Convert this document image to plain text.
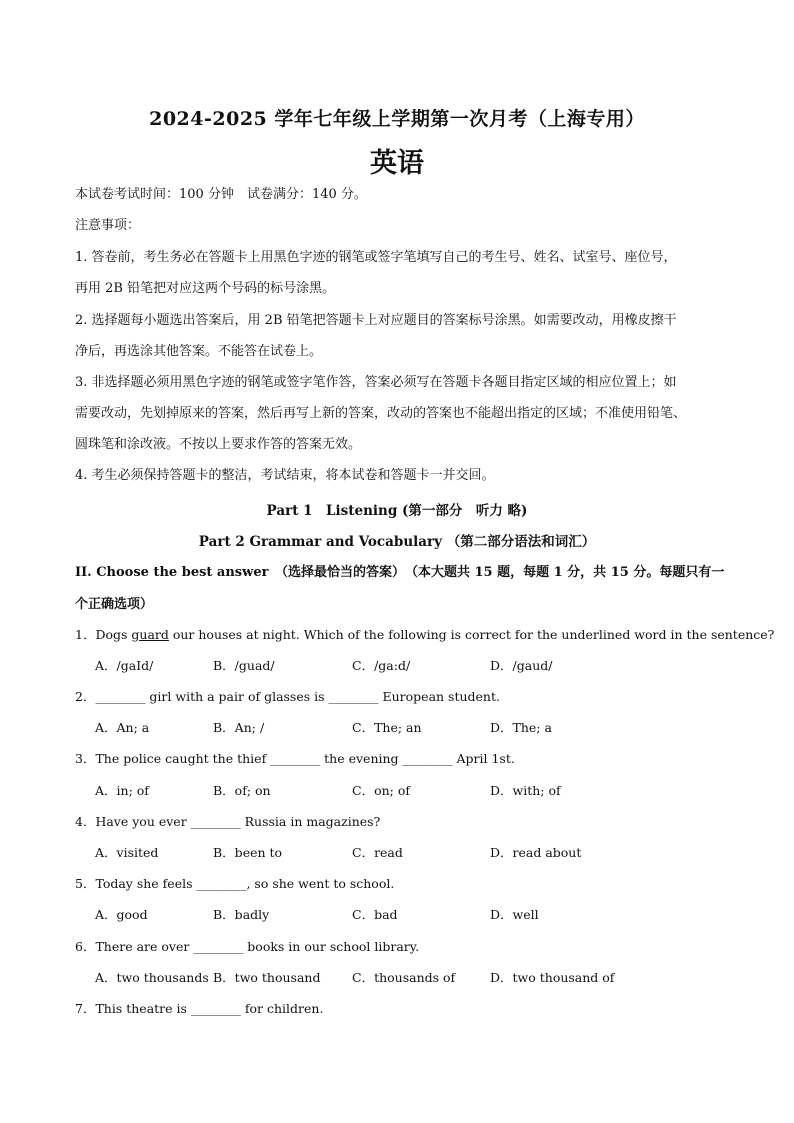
2024-2025 学年七年级上学期第一次月考（上海专用）
英语
本试卷考试时间：100 分钟　试卷满分：140 分。
注意事项：
1. 答卷前，考生务必在答题卡上用黑色字迹的钢笔或签字笔填写自己的考生号、姓名、试室号、座位号，
再用 2B 铅笔把对应这两个号码的标号涂黑。
2. 选择题每小题选出答案后，用 2B 铅笔把答题卡上对应题目的答案标号涂黑。如需要改动，用橡皮擦干
净后，再选涂其他答案。不能答在试卷上。
3. 非选择题必须用黑色字迹的钢笔或签字笔作答，答案必须写在答题卡各题目指定区域的相应位置上；如
需要改动，先划掉原来的答案，然后再写上新的答案，改动的答案也不能超出指定的区域；不准使用铅笔、
圆珠笔和涂改液。不按以上要求作答的答案无效。
4. 考生必须保持答题卡的整洁，考试结束，将本试卷和答题卡一并交回。
Part 1　Listening (第一部分　听力 略)
Part 2 Grammar and Vocabulary （第二部分语法和词汇）
II. Choose the best answer　（选择最恰当的答案）　（本大题共 15 题，每题 1 分，共 15 分。每题只有一
个正确选项）
1．Dogs guard our houses at night. Which of the following is correct for the underlined word in the sentence?
A．/gaId/	B．/guad/	C．/ga:d/	D．/gaud/
2．________ girl with a pair of glasses is ________ European student.
A．An; a	B．An; /	C．The; an	D．The; a
3．The police caught the thief ________ the evening ________ April 1st.
A．in; of	B．of; on	C．on; of	D．with; of
4．Have you ever ________ Russia in magazines?
A．visited	B．been to	C．read	D．read about
5．Today she feels ________, so she went to school.
A．good	B．badly	C．bad	D．well
6．There are over ________ books in our school library.
A．two thousands B．two thousand	C．thousands of	D．two thousand of
7．This theatre is ________ for children.
